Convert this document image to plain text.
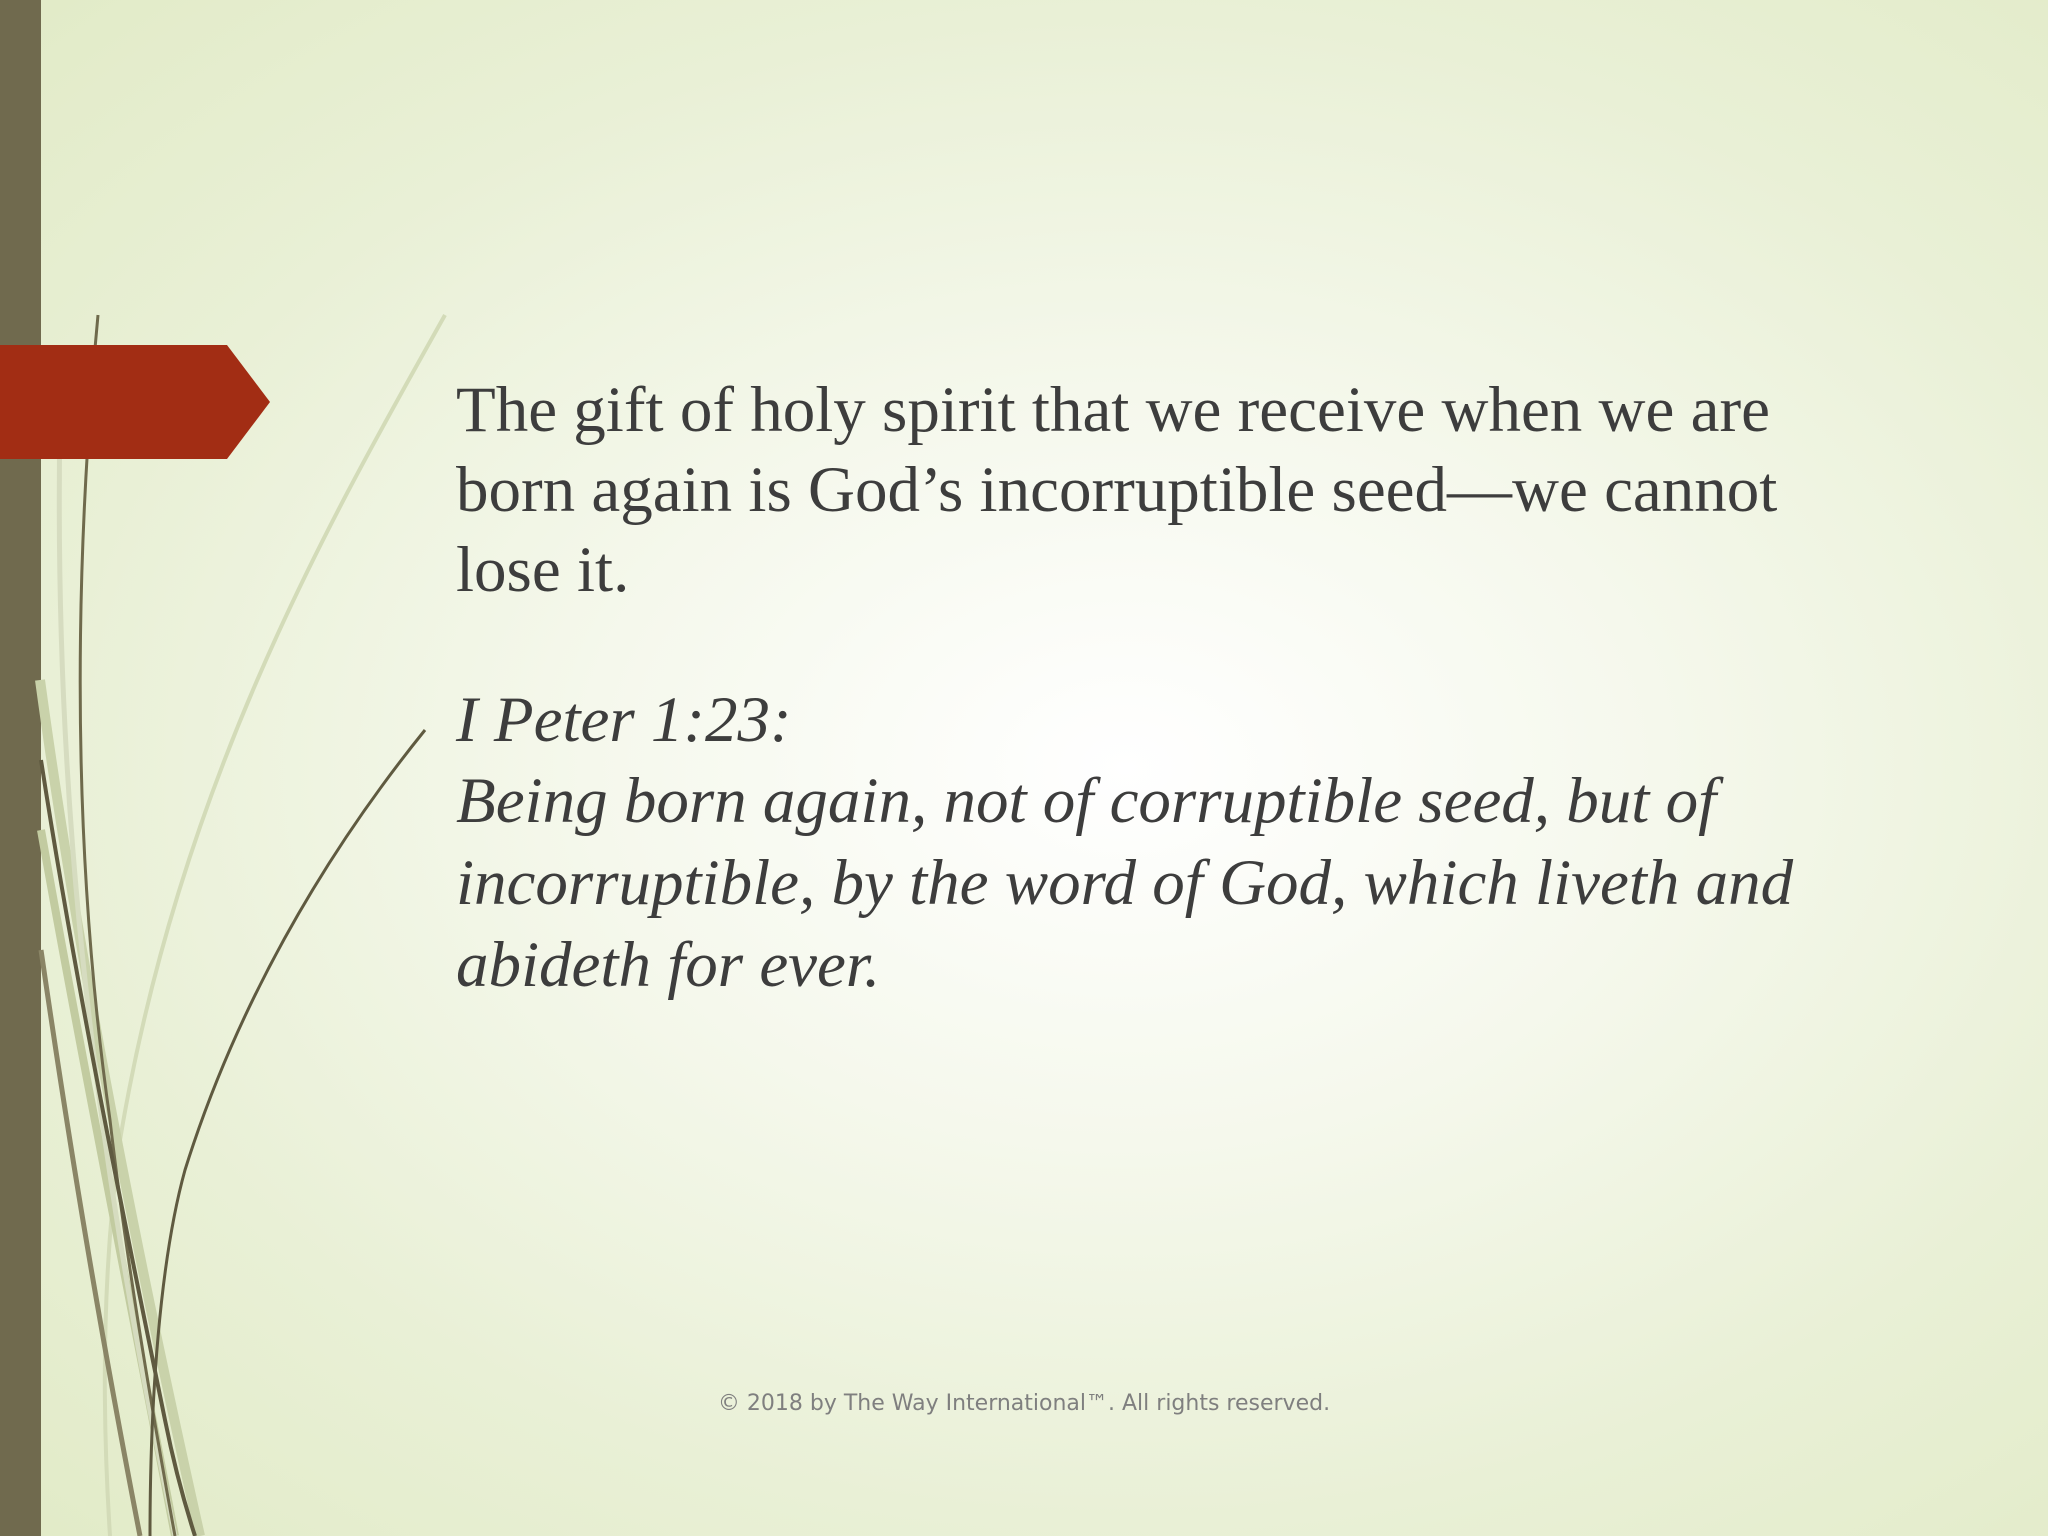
The gift of holy spirit that we receive when we are born again is God’s incorruptible seed—we cannot lose it.

I Peter 1:23:

Being born again, not of corruptible seed, but of incorruptible, by the word of God, which liveth and abideth for ever.

© 2018 by The Way International™. All rights reserved.
